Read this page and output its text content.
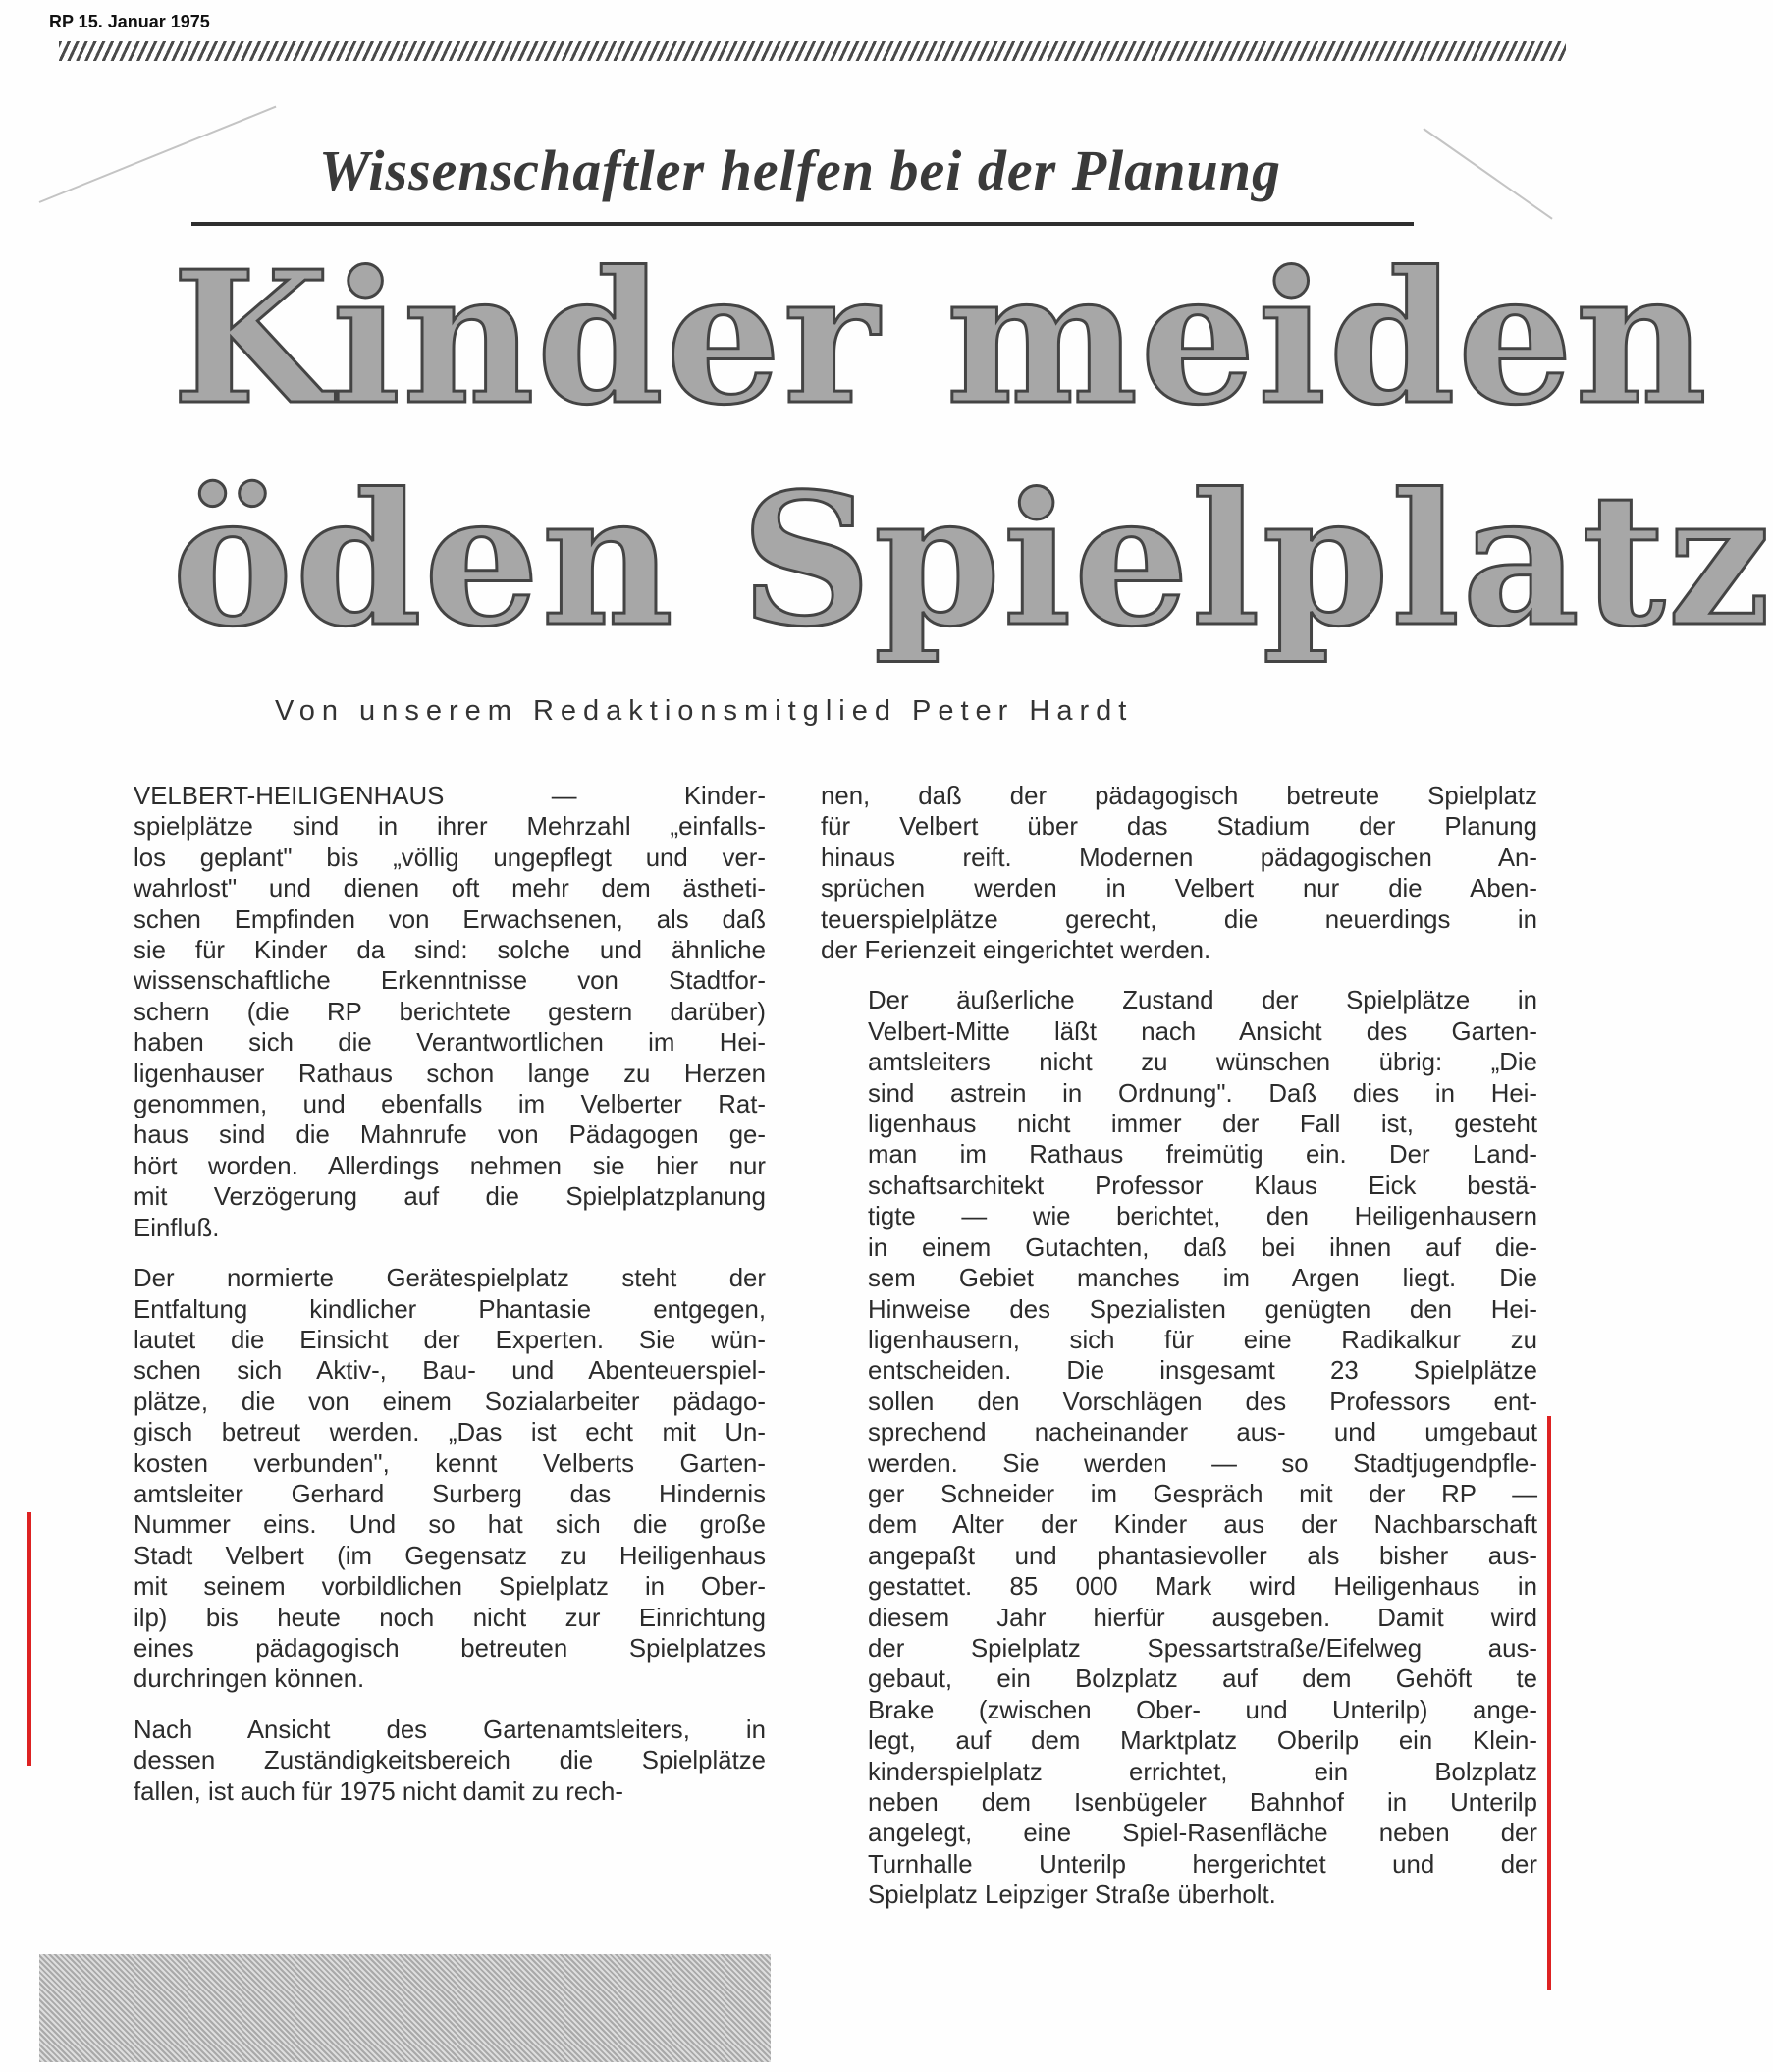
RP 15. Januar 1975
Wissenschaftler helfen bei der Planung
Kinder meiden
öden Spielplatz
Von unserem Redaktionsmitglied Peter Hardt

VELBERT-HEILIGENHAUS — Kinder-
spielplätze sind in ihrer Mehrzahl „einfalls-
los geplant" bis „völlig ungepflegt und ver-
wahrlost" und dienen oft mehr dem ästheti-
schen Empfinden von Erwachsenen, als daß
sie für Kinder da sind: solche und ähnliche
wissenschaftliche Erkenntnisse von Stadtfor-
schern (die RP berichtete gestern darüber)
haben sich die Verantwortlichen im Hei-
ligenhauser Rathaus schon lange zu Herzen
genommen, und ebenfalls im Velberter Rat-
haus sind die Mahnrufe von Pädagogen ge-
hört worden. Allerdings nehmen sie hier nur
mit Verzögerung auf die Spielplatzplanung
Einfluß.

Der normierte Gerätespielplatz steht der
Entfaltung kindlicher Phantasie entgegen,
lautet die Einsicht der Experten. Sie wün-
schen sich Aktiv-, Bau- und Abenteuerspiel-
plätze, die von einem Sozialarbeiter pädago-
gisch betreut werden. „Das ist echt mit Un-
kosten verbunden", kennt Velberts Garten-
amtsleiter Gerhard Surberg das Hindernis
Nummer eins. Und so hat sich die große
Stadt Velbert (im Gegensatz zu Heiligenhaus
mit seinem vorbildlichen Spielplatz in Ober-
ilp) bis heute noch nicht zur Einrichtung
eines pädagogisch betreuten Spielplatzes
durchringen können.

Nach Ansicht des Gartenamtsleiters, in
dessen Zuständigkeitsbereich die Spielplätze
fallen, ist auch für 1975 nicht damit zu rech-

nen, daß der pädagogisch betreute Spielplatz
für Velbert über das Stadium der Planung
hinaus reift. Modernen pädagogischen An-
sprüchen werden in Velbert nur die Aben-
teuerspielplätze gerecht, die neuerdings in
der Ferienzeit eingerichtet werden.

Der äußerliche Zustand der Spielplätze in
Velbert-Mitte läßt nach Ansicht des Garten-
amtsleiters nicht zu wünschen übrig: „Die
sind astrein in Ordnung". Daß dies in Hei-
ligenhaus nicht immer der Fall ist, gesteht
man im Rathaus freimütig ein. Der Land-
schaftsarchitekt Professor Klaus Eick bestä-
tigte — wie berichtet, den Heiligenhausern
in einem Gutachten, daß bei ihnen auf die-
sem Gebiet manches im Argen liegt. Die
Hinweise des Spezialisten genügten den Hei-
ligenhausern, sich für eine Radikalkur zu
entscheiden. Die insgesamt 23 Spielplätze
sollen den Vorschlägen des Professors ent-
sprechend nacheinander aus- und umgebaut
werden. Sie werden — so Stadtjugendpfle-
ger Schneider im Gespräch mit der RP —
dem Alter der Kinder aus der Nachbarschaft
angepaßt und phantasievoller als bisher aus-
gestattet. 85 000 Mark wird Heiligenhaus in
diesem Jahr hierfür ausgeben. Damit wird
der Spielplatz Spessartstraße/Eifelweg aus-
gebaut, ein Bolzplatz auf dem Gehöft te
Brake (zwischen Ober- und Unterilp) ange-
legt, auf dem Marktplatz Oberilp ein Klein-
kinderspielplatz errichtet, ein Bolzplatz
neben dem Isenbügeler Bahnhof in Unterilp
angelegt, eine Spiel-Rasenfläche neben der
Turnhalle Unterilp hergerichtet und der
Spielplatz Leipziger Straße überholt.
